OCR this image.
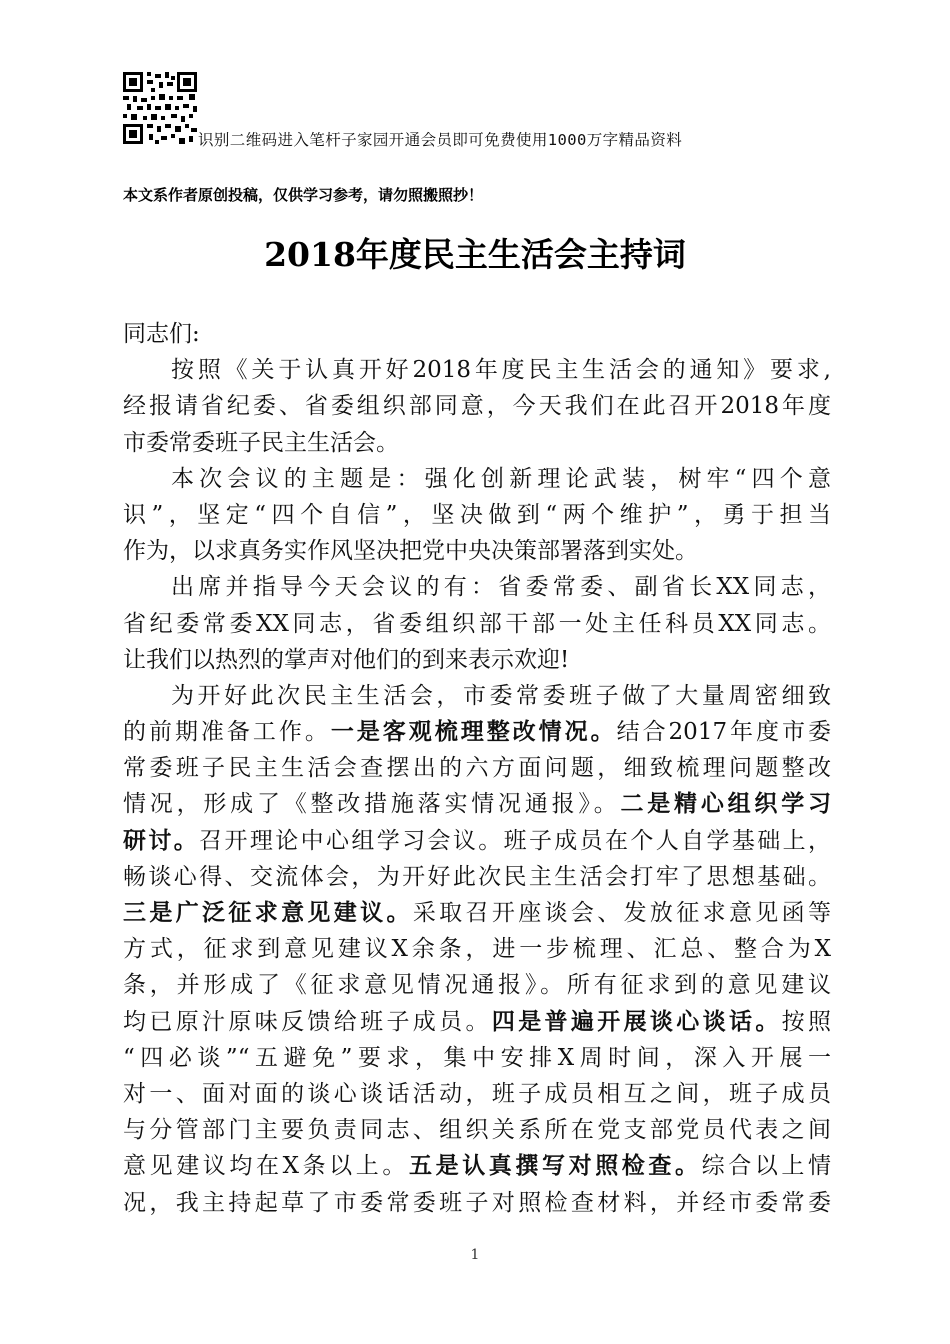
识别二维码进入笔杆子家园开通会员即可免费使用1000万字精品资料
本文系作者原创投稿，仅供学习参考，请勿照搬照抄！
2018年度民主生活会主持词
同志们:
按照《关于认真开好2018年度民主生活会的通知》要求,
经报请省纪委、省委组织部同意，今天我们在此召开2018年度
市委常委班子民主生活会。
本次会议的主题是：强化创新理论武装，树牢“四个意
识”，坚定“四个自信”，坚决做到“两个维护”，勇于担当
作为，以求真务实作风坚决把党中央决策部署落到实处。
出席并指导今天会议的有：省委常委、副省长XX同志，
省纪委常委XX同志，省委组织部干部一处主任科员XX同志。
让我们以热烈的掌声对他们的到来表示欢迎!
为开好此次民主生活会，市委常委班子做了大量周密细致
的前期准备工作。一是客观梳理整改情况。结合2017年度市委
常委班子民主生活会查摆出的六方面问题，细致梳理问题整改
情况，形成了《整改措施落实情况通报》。二是精心组织学习
研讨。召开理论中心组学习会议。班子成员在个人自学基础上，
畅谈心得、交流体会，为开好此次民主生活会打牢了思想基础。
三是广泛征求意见建议。采取召开座谈会、发放征求意见函等
方式，征求到意见建议X余条，进一步梳理、汇总、整合为X
条，并形成了《征求意见情况通报》。所有征求到的意见建议
均已原汁原味反馈给班子成员。四是普遍开展谈心谈话。按照
“四必谈”“五避免”要求，集中安排X周时间，深入开展一
对一、面对面的谈心谈话活动，班子成员相互之间，班子成员
与分管部门主要负责同志、组织关系所在党支部党员代表之间
意见建议均在X条以上。五是认真撰写对照检查。综合以上情
况，我主持起草了市委常委班子对照检查材料，并经市委常委
1
